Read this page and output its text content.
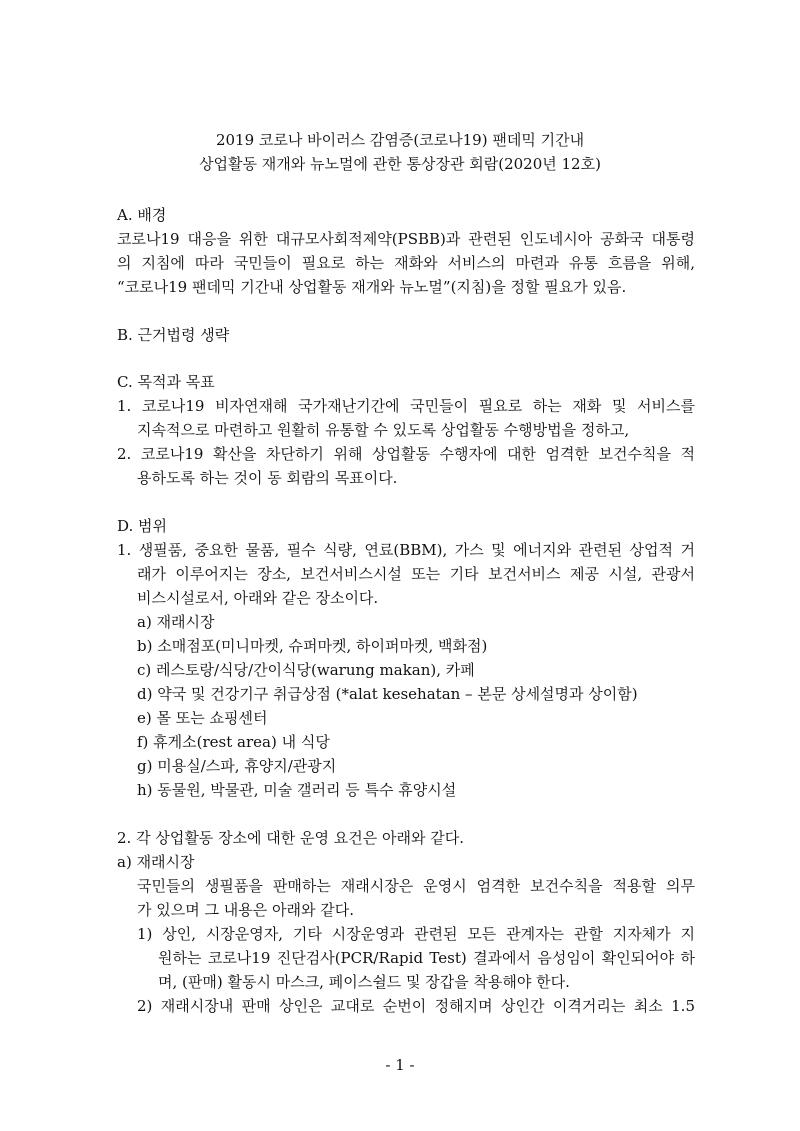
2019 코로나 바이러스 감염증(코로나19) 팬데믹 기간내
상업활동 재개와 뉴노멀에 관한 통상장관 회람(2020년 12호)
A. 배경
코로나19 대응을 위한 대규모사회적제약(PSBB)과 관련된 인도네시아 공화국 대통령
의 지침에 따라 국민들이 필요로 하는 재화와 서비스의 마련과 유통 흐름을 위해,
“코로나19 팬데믹 기간내 상업활동 재개와 뉴노멀”(지침)을 정할 필요가 있음.
B. 근거법령 생략
C. 목적과 목표
1. 코로나19 비자연재해 국가재난기간에 국민들이 필요로 하는 재화 및 서비스를
지속적으로 마련하고 원활히 유통할 수 있도록 상업활동 수행방법을 정하고,
2. 코로나19 확산을 차단하기 위해 상업활동 수행자에 대한 엄격한 보건수칙을 적
용하도록 하는 것이 동 회람의 목표이다.
D. 범위
1. 생필품, 중요한 물품, 필수 식량, 연료(BBM), 가스 및 에너지와 관련된 상업적 거
래가 이루어지는 장소, 보건서비스시설 또는 기타 보건서비스 제공 시설, 관광서
비스시설로서, 아래와 같은 장소이다.
a) 재래시장
b) 소매점포(미니마켓, 슈퍼마켓, 하이퍼마켓, 백화점)
c) 레스토랑/식당/간이식당(warung makan), 카페
d) 약국 및 건강기구 취급상점 (*alat kesehatan – 본문 상세설명과 상이함)
e) 몰 또는 쇼핑센터
f) 휴게소(rest area) 내 식당
g) 미용실/스파, 휴양지/관광지
h) 동물원, 박물관, 미술 갤러리 등 특수 휴양시설
2. 각 상업활동 장소에 대한 운영 요건은 아래와 같다.
a) 재래시장
국민들의 생필품을 판매하는 재래시장은 운영시 엄격한 보건수칙을 적용할 의무
가 있으며 그 내용은 아래와 같다.
1) 상인, 시장운영자, 기타 시장운영과 관련된 모든 관계자는 관할 지자체가 지
원하는 코로나19 진단검사(PCR/Rapid Test) 결과에서 음성임이 확인되어야 하
며, (판매) 활동시 마스크, 페이스쉴드 및 장갑을 착용해야 한다.
2) 재래시장내 판매 상인은 교대로 순번이 정해지며 상인간 이격거리는 최소 1.5
- 1 -
